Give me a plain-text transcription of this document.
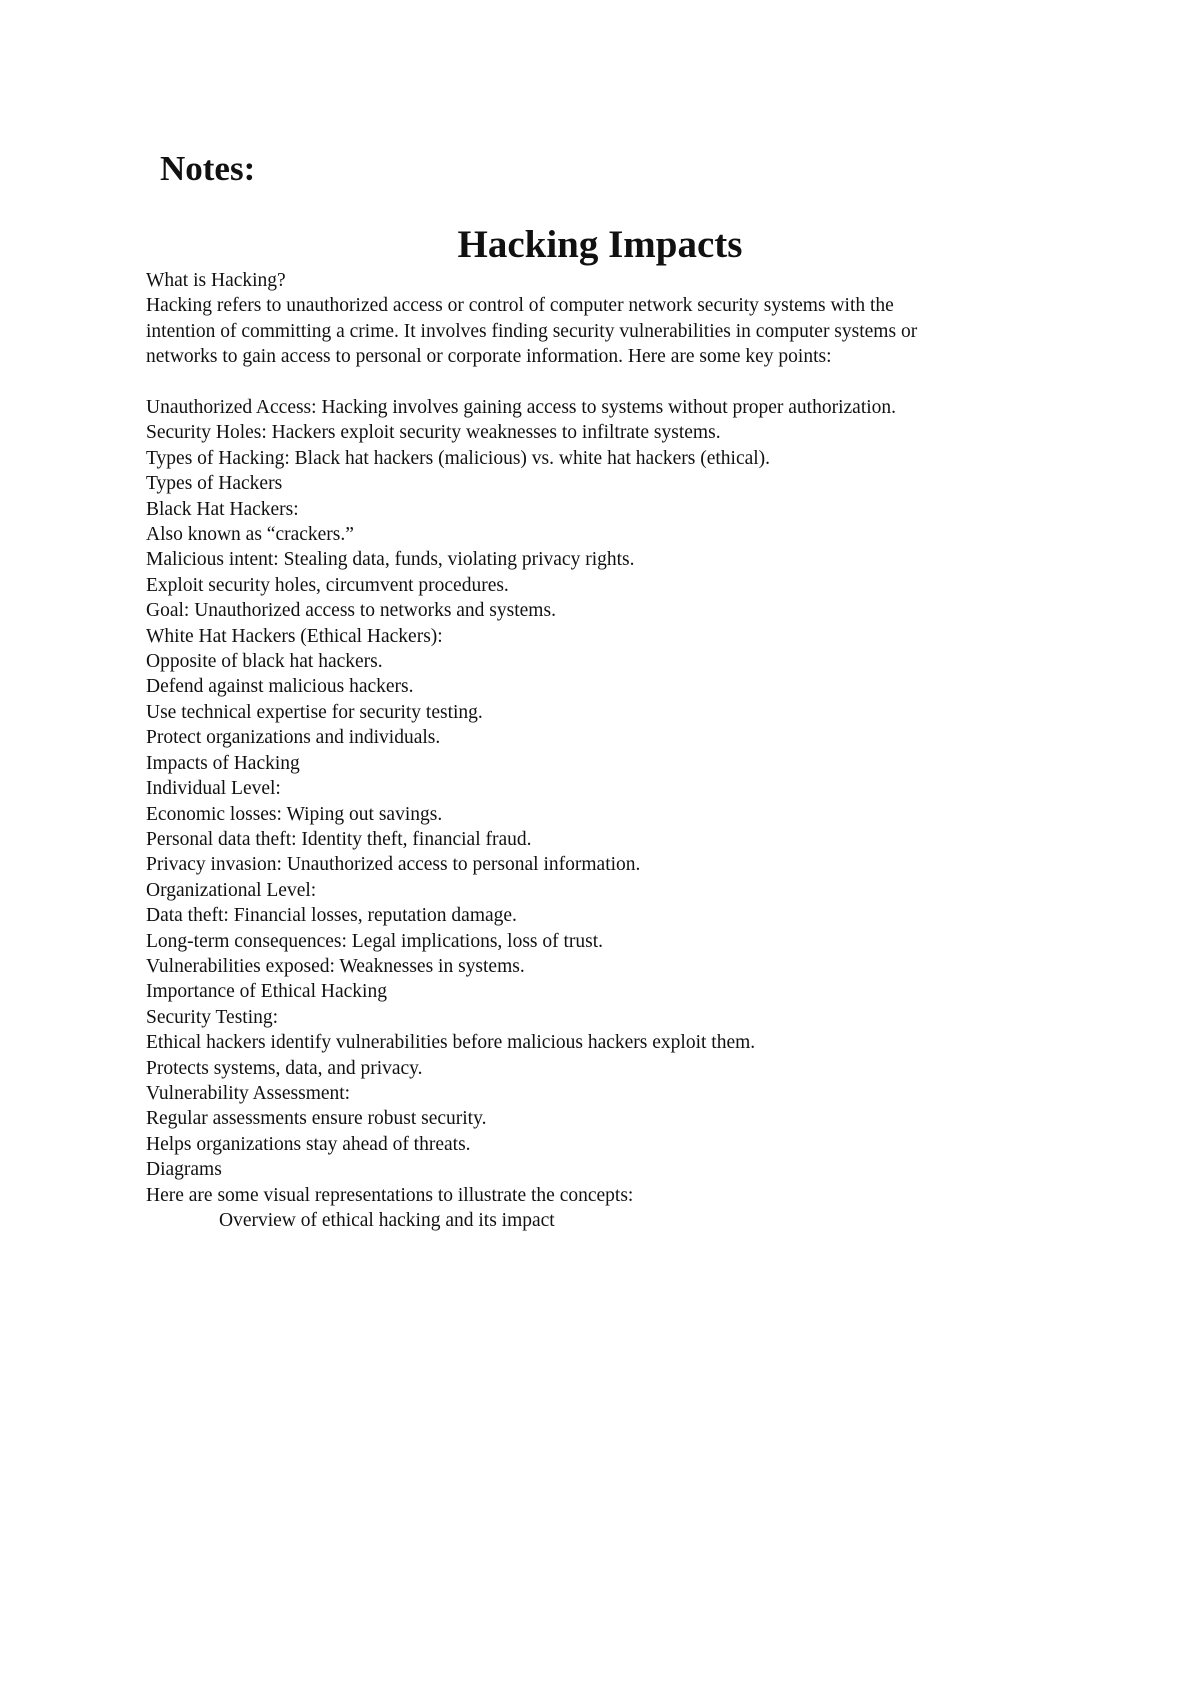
Notes:
Hacking Impacts
What is Hacking?
Hacking refers to unauthorized access or control of computer network security systems with the
intention of committing a crime. It involves finding security vulnerabilities in computer systems or
networks to gain access to personal or corporate information. Here are some key points:
Unauthorized Access: Hacking involves gaining access to systems without proper authorization.
Security Holes: Hackers exploit security weaknesses to infiltrate systems.
Types of Hacking: Black hat hackers (malicious) vs. white hat hackers (ethical).
Types of Hackers
Black Hat Hackers:
Also known as “crackers.”
Malicious intent: Stealing data, funds, violating privacy rights.
Exploit security holes, circumvent procedures.
Goal: Unauthorized access to networks and systems.
White Hat Hackers (Ethical Hackers):
Opposite of black hat hackers.
Defend against malicious hackers.
Use technical expertise for security testing.
Protect organizations and individuals.
Impacts of Hacking
Individual Level:
Economic losses: Wiping out savings.
Personal data theft: Identity theft, financial fraud.
Privacy invasion: Unauthorized access to personal information.
Organizational Level:
Data theft: Financial losses, reputation damage.
Long-term consequences: Legal implications, loss of trust.
Vulnerabilities exposed: Weaknesses in systems.
Importance of Ethical Hacking
Security Testing:
Ethical hackers identify vulnerabilities before malicious hackers exploit them.
Protects systems, data, and privacy.
Vulnerability Assessment:
Regular assessments ensure robust security.
Helps organizations stay ahead of threats.
Diagrams
Here are some visual representations to illustrate the concepts:
Overview of ethical hacking and its impact
